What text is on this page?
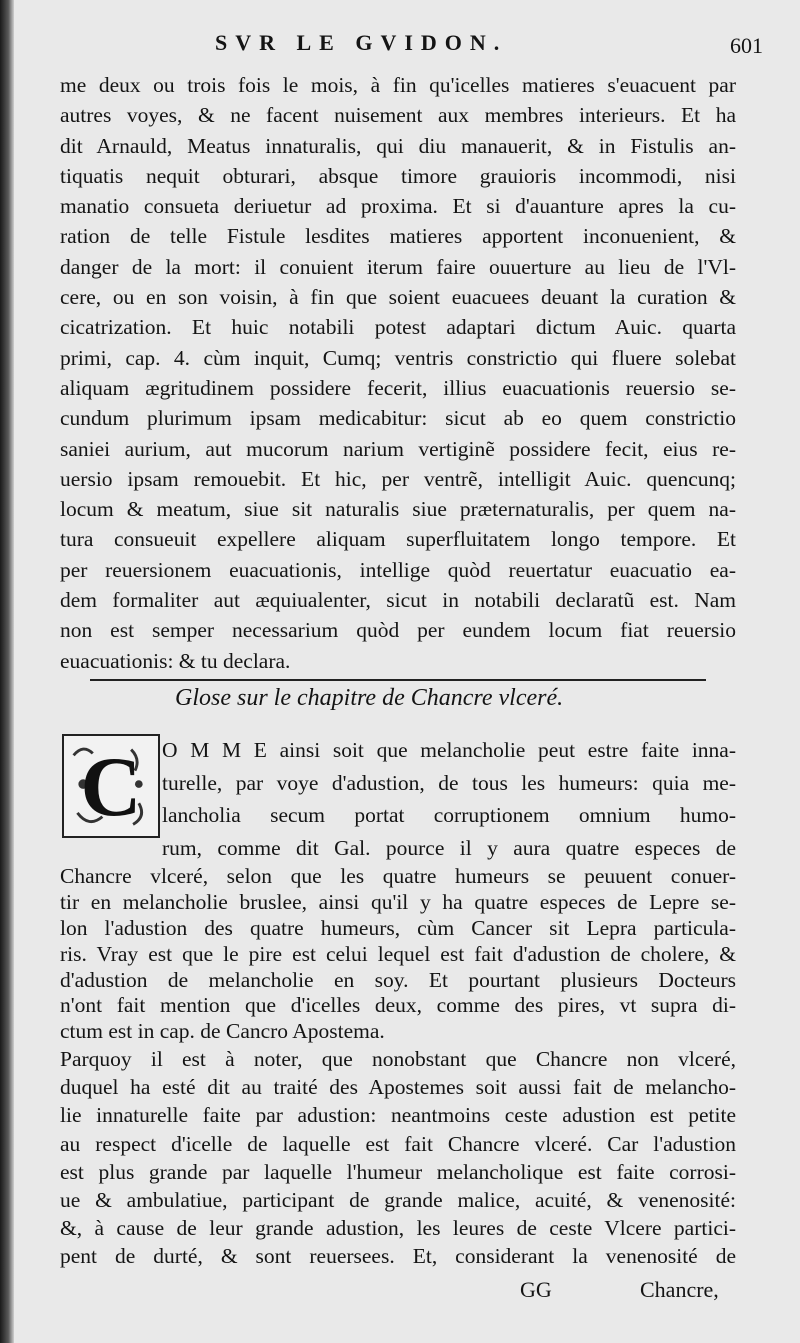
SVR LE GVIDON.	601
me deux ou trois fois le mois, à fin qu'icelles matieres s'euacuent par
autres voyes, & ne facent nuisement aux membres interieurs. Et ha
dit Arnauld, Meatus innaturalis, qui diu manauerit, & in Fistulis an-
tiquatis nequit obturari, absque timore grauioris incommodi, nisi
manatio consueta deriuetur ad proxima. Et si d'auanture apres la cu-
ration de telle Fistule lesdites matieres apportent inconuenient, &
danger de la mort: il conuient iterum faire ouuerture au lieu de l'Vl-
cere, ou en son voisin, à fin que soient euacuees deuant la curation &
cicatrization. Et huic notabili potest adaptari dictum Auic. quarta
primi, cap. 4. cùm inquit, Cumq; ventris constrictio qui fluere solebat
aliquam ægritudinem possidere fecerit, illius euacuationis reuersio se-
cundum plurimum ipsam medicabitur: sicut ab eo quem constrictio
saniei aurium, aut mucorum narium vertiginẽ possidere fecit, eius re-
uersio ipsam remouebit. Et hic, per ventrẽ, intelligit Auic. quencunq;
locum & meatum, siue sit naturalis siue præternaturalis, per quem na-
tura consueuit expellere aliquam superfluitatem longo tempore. Et
per reuersionem euacuationis, intellige quòd reuertatur euacuatio ea-
dem formaliter aut æquiualenter, sicut in notabili declaratũ est. Nam
non est semper necessarium quòd per eundem locum fiat reuersio
euacuationis: & tu declara.
Glose sur le chapitre de Chancre vlceré.
C O M M E ainsi soit que melancholie peut estre faite inna-
turelle, par voye d'adustion, de tous les humeurs: quia me-
lancholia secum portat corruptionem omnium humo-
rum, comme dit Gal. pource il y aura quatre especes de
Chancre vlceré, selon que les quatre humeurs se peuuent conuer-
tir en melancholie bruslee, ainsi qu'il y ha quatre especes de Lepre se-
lon l'adustion des quatre humeurs, cùm Cancer sit Lepra particula-
ris. Vray est que le pire est celui lequel est fait d'adustion de cholere, &
d'adustion de melancholie en soy. Et pourtant plusieurs Docteurs
n'ont fait mention que d'icelles deux, comme des pires, vt supra di-
ctum est in cap. de Cancro Apostema.
Parquoy il est à noter, que nonobstant que Chancre non vlceré,
duquel ha esté dit au traité des Apostemes soit aussi fait de melancho-
lie innaturelle faite par adustion: neantmoins ceste adustion est petite
au respect d'icelle de laquelle est fait Chancre vlceré. Car l'adustion
est plus grande par laquelle l'humeur melancholique est faite corrosi-
ue & ambulatiue, participant de grande malice, acuité, & venenosité:
&, à cause de leur grande adustion, les leures de ceste Vlcere partici-
pent de durté, & sont reuersees. Et, considerant la venenosité de
GG	Chancre,
